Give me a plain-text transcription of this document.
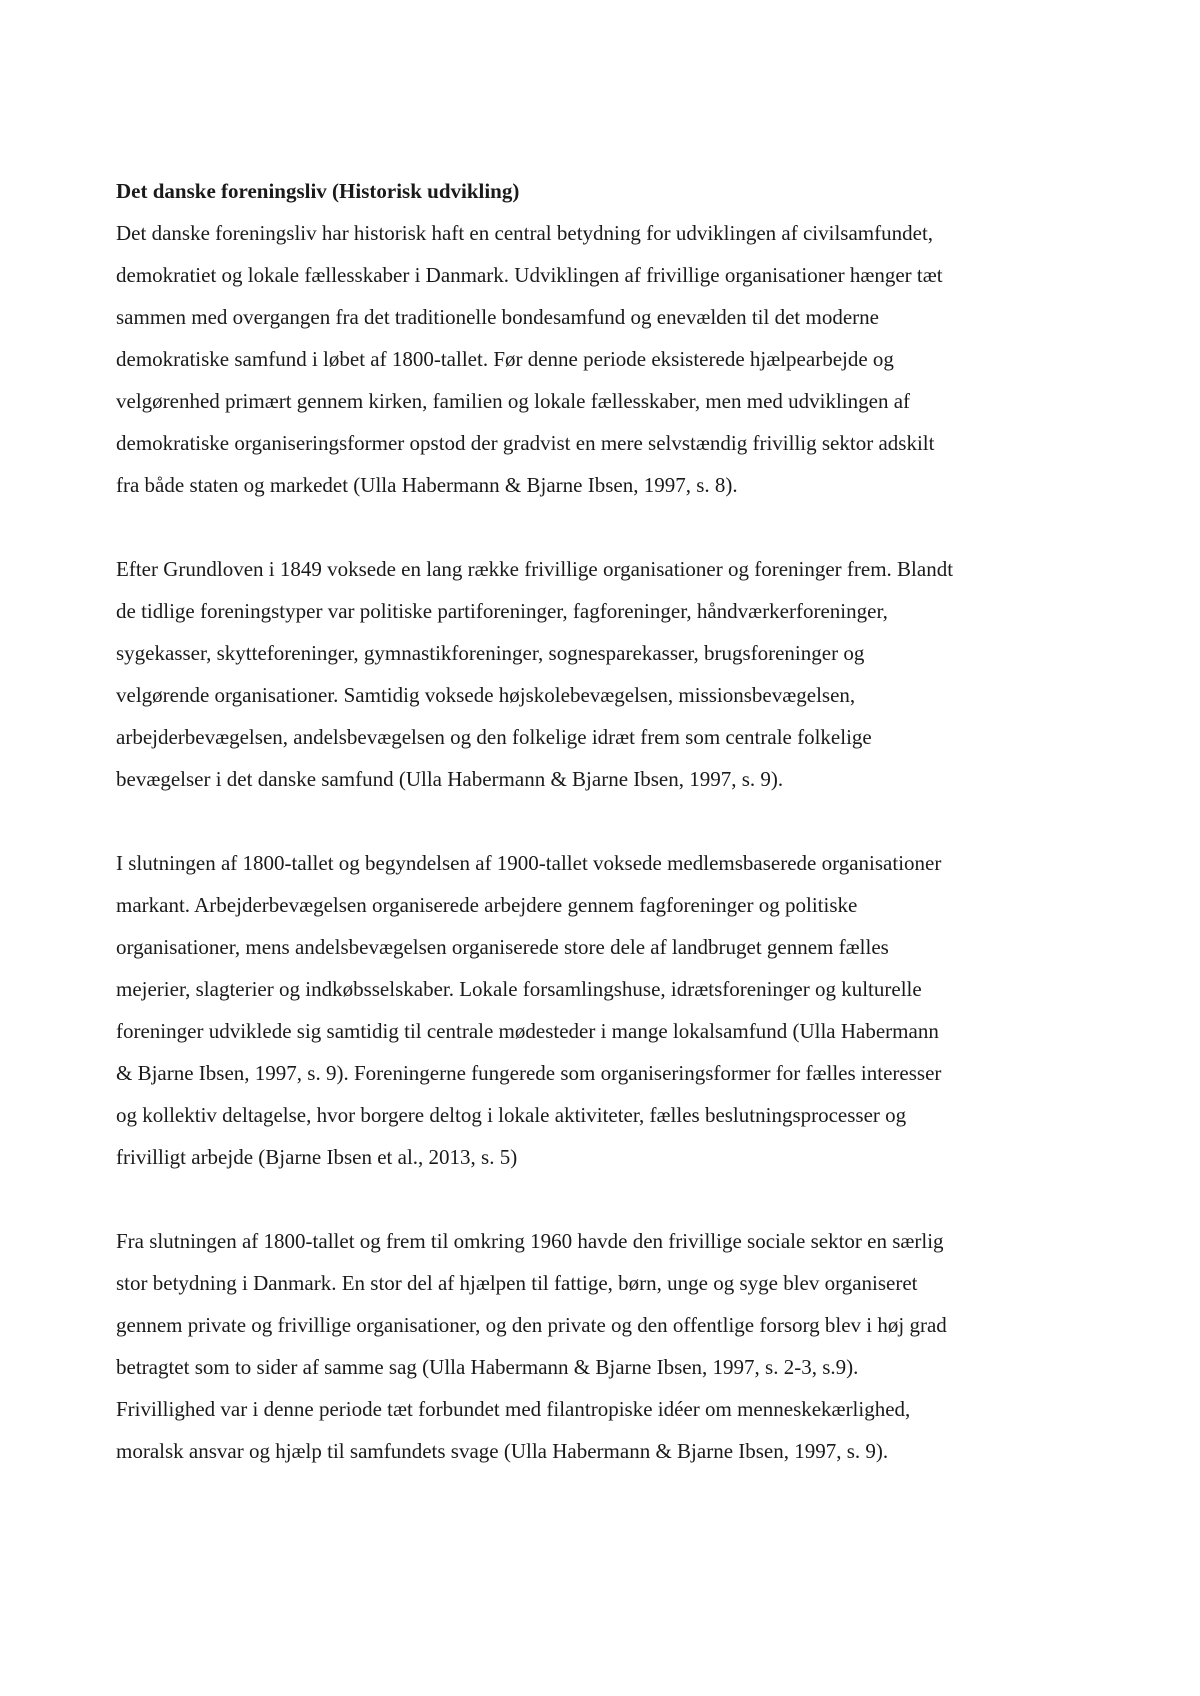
Det danske foreningsliv (Historisk udvikling)
Det danske foreningsliv har historisk haft en central betydning for udviklingen af civilsamfundet,
demokratiet og lokale fællesskaber i Danmark. Udviklingen af frivillige organisationer hænger tæt
sammen med overgangen fra det traditionelle bondesamfund og enevælden til det moderne
demokratiske samfund i løbet af 1800-tallet. Før denne periode eksisterede hjælpearbejde og
velgørenhed primært gennem kirken, familien og lokale fællesskaber, men med udviklingen af
demokratiske organiseringsformer opstod der gradvist en mere selvstændig frivillig sektor adskilt
fra både staten og markedet (Ulla Habermann & Bjarne Ibsen, 1997, s. 8).
Efter Grundloven i 1849 voksede en lang række frivillige organisationer og foreninger frem. Blandt
de tidlige foreningstyper var politiske partiforeninger, fagforeninger, håndværkerforeninger,
sygekasser, skytteforeninger, gymnastikforeninger, sognesparekasser, brugsforeninger og
velgørende organisationer. Samtidig voksede højskolebevægelsen, missionsbevægelsen,
arbejderbevægelsen, andelsbevægelsen og den folkelige idræt frem som centrale folkelige
bevægelser i det danske samfund (Ulla Habermann & Bjarne Ibsen, 1997, s. 9).
I slutningen af 1800-tallet og begyndelsen af 1900-tallet voksede medlemsbaserede organisationer
markant. Arbejderbevægelsen organiserede arbejdere gennem fagforeninger og politiske
organisationer, mens andelsbevægelsen organiserede store dele af landbruget gennem fælles
mejerier, slagterier og indkøbsselskaber. Lokale forsamlingshuse, idrætsforeninger og kulturelle
foreninger udviklede sig samtidig til centrale mødesteder i mange lokalsamfund (Ulla Habermann
& Bjarne Ibsen, 1997, s. 9). Foreningerne fungerede som organiseringsformer for fælles interesser
og kollektiv deltagelse, hvor borgere deltog i lokale aktiviteter, fælles beslutningsprocesser og
frivilligt arbejde (Bjarne Ibsen et al., 2013, s. 5)
Fra slutningen af 1800-tallet og frem til omkring 1960 havde den frivillige sociale sektor en særlig
stor betydning i Danmark. En stor del af hjælpen til fattige, børn, unge og syge blev organiseret
gennem private og frivillige organisationer, og den private og den offentlige forsorg blev i høj grad
betragtet som to sider af samme sag (Ulla Habermann & Bjarne Ibsen, 1997, s. 2-3, s.9).
Frivillighed var i denne periode tæt forbundet med filantropiske idéer om menneskekærlighed,
moralsk ansvar og hjælp til samfundets svage (Ulla Habermann & Bjarne Ibsen, 1997, s. 9).
